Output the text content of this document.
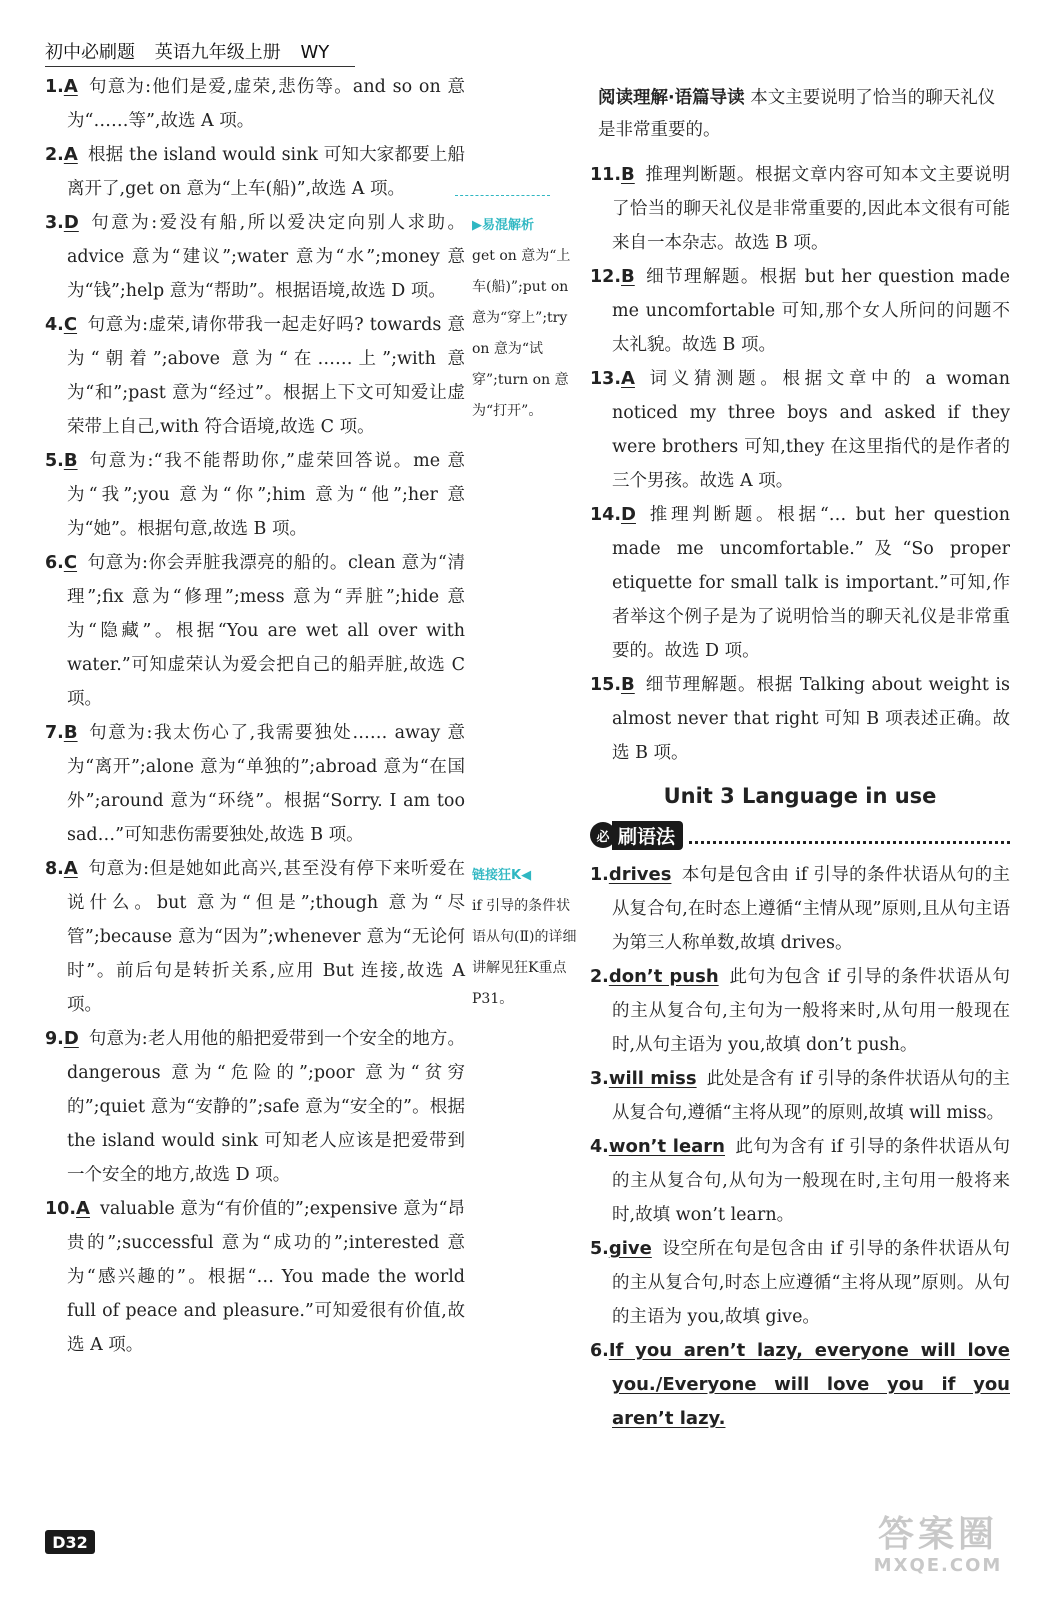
初中必刷题 英语九年级上册 WY

1.A 句意为:他们是爱,虚荣,悲伤等。and so on 意为“……等”,故选 A 项。

2.A 根据 the island would sink 可知大家都要上船离开了,get on 意为“上车(船)”,故选 A 项。

3.D 句意为:爱没有船,所以爱决定向别人求助。advice 意为“建议”;water 意为“水”;money 意为“钱”;help 意为“帮助”。根据语境,故选 D 项。

4.C 句意为:虚荣,请你带我一起走好吗? towards 意为“朝着”;above 意为“在……上”;with 意为“和”;past 意为“经过”。根据上下文可知爱让虚荣带上自己,with 符合语境,故选 C 项。

5.B 句意为:“我不能帮助你,”虚荣回答说。me 意为“我”;you 意为“你”;him 意为“他”;her 意为“她”。根据句意,故选 B 项。

6.C 句意为:你会弄脏我漂亮的船的。clean 意为“清理”;fix 意为“修理”;mess 意为“弄脏”;hide 意为“隐藏”。根据“You are wet all over with water.”可知虚荣认为爱会把自己的船弄脏,故选 C 项。

7.B 句意为:我太伤心了,我需要独处…… away 意为“离开”;alone 意为“单独的”;abroad 意为“在国外”;around 意为“环绕”。根据“Sorry. I am too sad…”可知悲伤需要独处,故选 B 项。

8.A 句意为:但是她如此高兴,甚至没有停下来听爱在说什么。but 意为“但是”;though 意为“尽管”;because 意为“因为”;whenever 意为“无论何时”。前后句是转折关系,应用 But 连接,故选 A 项。

9.D 句意为:老人用他的船把爱带到一个安全的地方。dangerous 意为“危险的”;poor 意为“贫穷的”;quiet 意为“安静的”;safe 意为“安全的”。根据 the island would sink 可知老人应该是把爱带到一个安全的地方,故选 D 项。

10.A valuable 意为“有价值的”;expensive 意为“昂贵的”;successful 意为“成功的”;interested 意为“感兴趣的”。根据“… You made the world full of peace and pleasure.”可知爱很有价值,故选 A 项。

▶易混解析
get on 意为“上车(船)”;put on 意为“穿上”;try on 意为“试穿”;turn on 意为“打开”。
链接狂K◀
if 引导的条件状语从句(Ⅱ)的详细讲解见狂K重点 P31。

阅读理解·语篇导读 本文主要说明了恰当的聊天礼仪是非常重要的。

11.B 推理判断题。根据文章内容可知本文主要说明了恰当的聊天礼仪是非常重要的,因此本文很有可能来自一本杂志。故选 B 项。

12.B 细节理解题。根据 but her question made me uncomfortable 可知,那个女人所问的问题不太礼貌。故选 B 项。

13.A 词义猜测题。根据文章中的 a woman noticed my three boys and asked if they were brothers 可知,they 在这里指代的是作者的三个男孩。故选 A 项。

14.D 推理判断题。根据“… but her question made me uncomfortable.”及“So proper etiquette for small talk is important.”可知,作者举这个例子是为了说明恰当的聊天礼仪是非常重要的。故选 D 项。

15.B 细节理解题。根据 Talking about weight is almost never that right 可知 B 项表述正确。故选 B 项。

Unit 3 Language in use
必 刷语法

1.drives 本句是包含由 if 引导的条件状语从句的主从复合句,在时态上遵循“主情从现”原则,且从句主语为第三人称单数,故填 drives。

2.don’t push 此句为包含 if 引导的条件状语从句的主从复合句,主句为一般将来时,从句用一般现在时,从句主语为 you,故填 don’t push。

3.will miss 此处是含有 if 引导的条件状语从句的主从复合句,遵循“主将从现”的原则,故填 will miss。

4.won’t learn 此句为含有 if 引导的条件状语从句的主从复合句,从句为一般现在时,主句用一般将来时,故填 won’t learn。

5.give 设空所在句是包含由 if 引导的条件状语从句的主从复合句,时态上应遵循“主将从现”原则。从句的主语为 you,故填 give。

6.If you aren’t lazy, everyone will love you./Everyone will love you if you aren’t lazy.

D32	答案圈
MXQE.COM
